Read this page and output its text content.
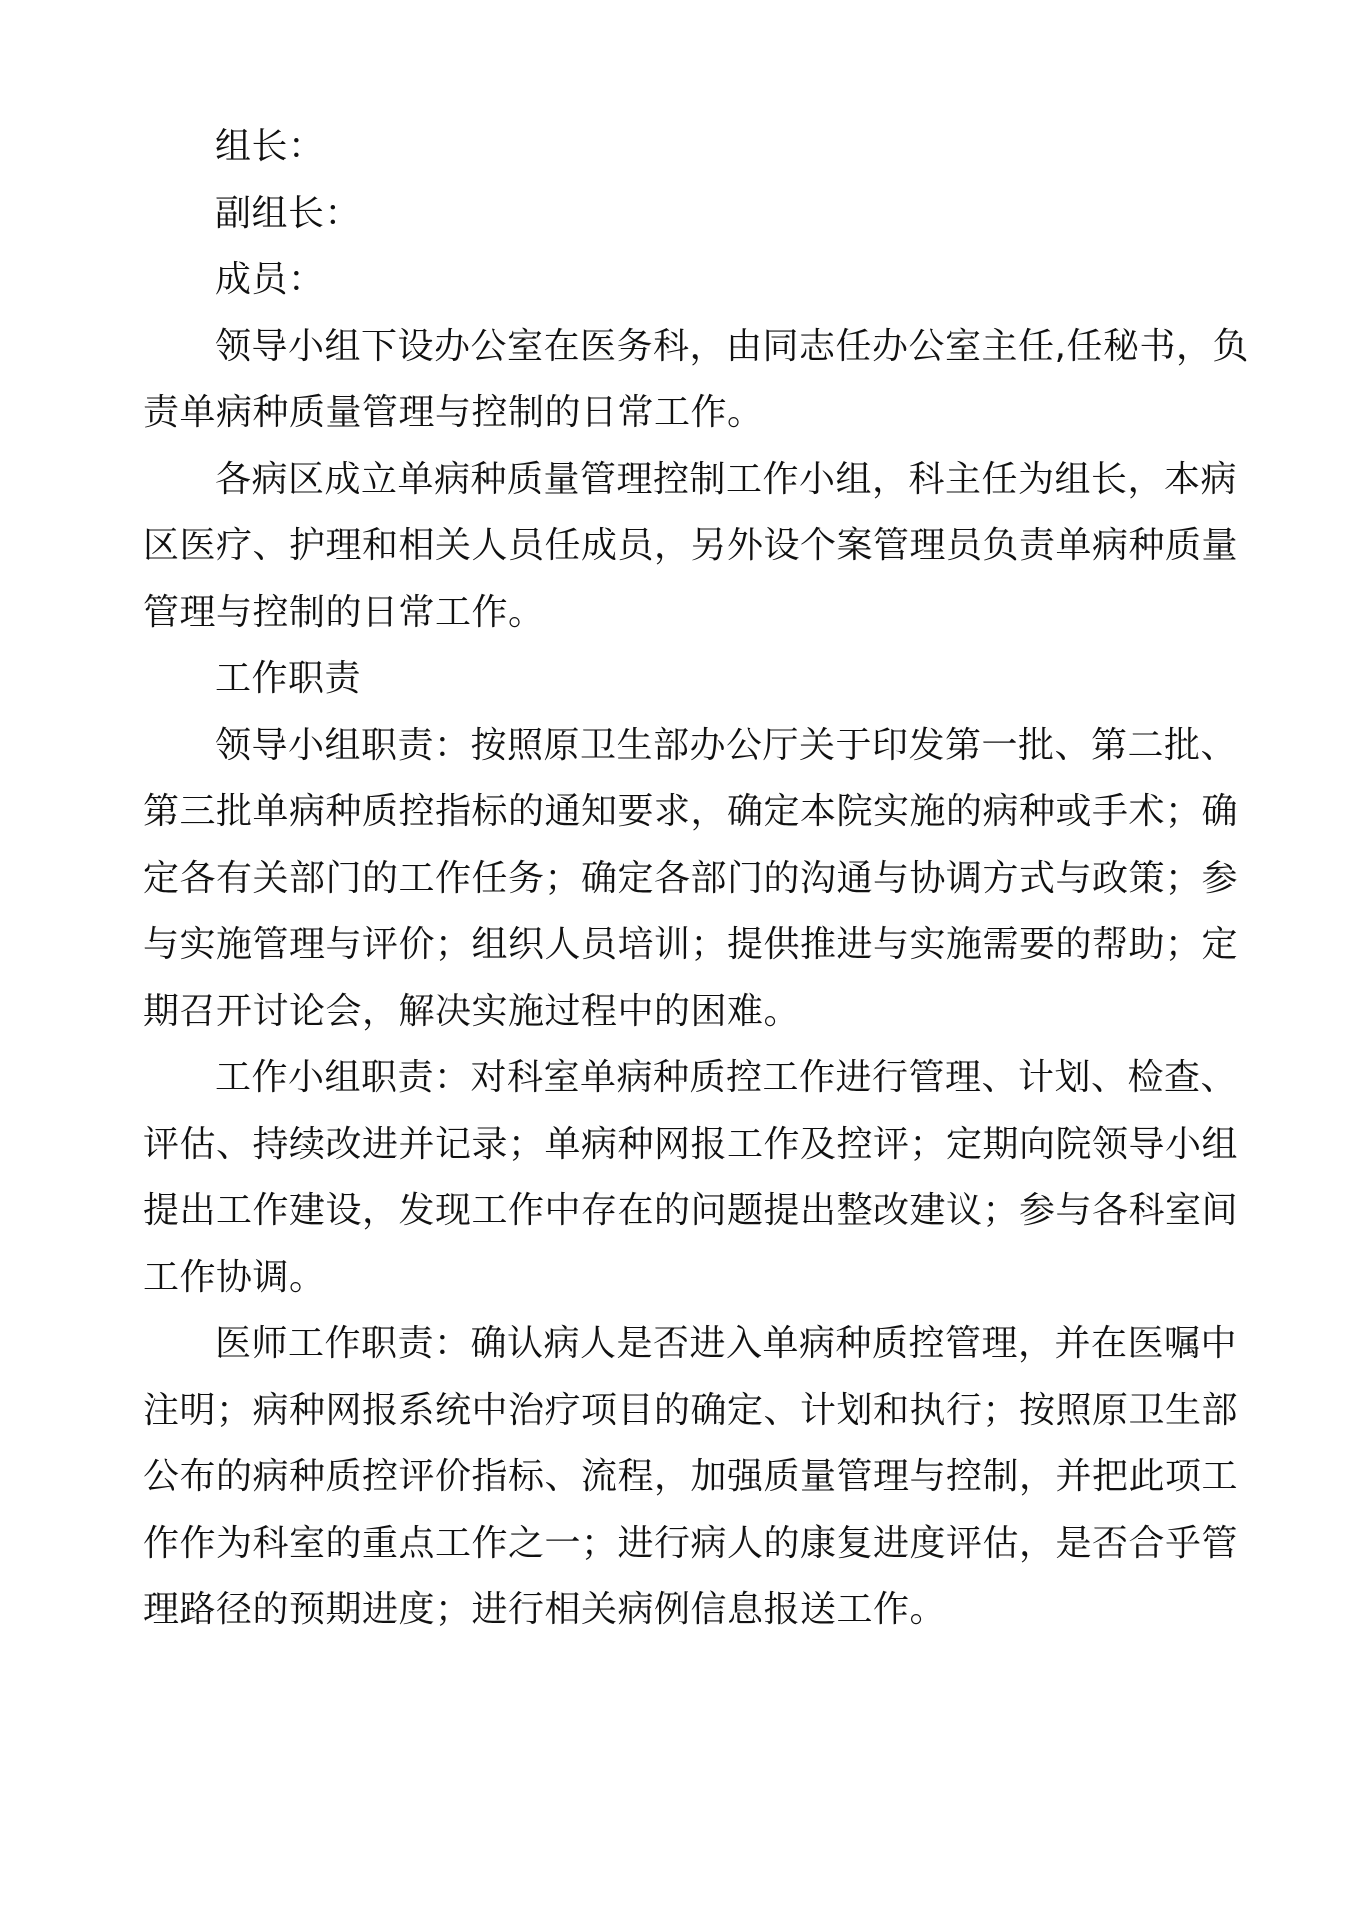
组长：
副组长：
成员：
领导小组下设办公室在医务科，由同志任办公室主任,任秘书，负
责单病种质量管理与控制的日常工作。
各病区成立单病种质量管理控制工作小组，科主任为组长，本病
区医疗、护理和相关人员任成员，另外设个案管理员负责单病种质量
管理与控制的日常工作。
工作职责
领导小组职责：按照原卫生部办公厅关于印发第一批、第二批、
第三批单病种质控指标的通知要求，确定本院实施的病种或手术；确
定各有关部门的工作任务；确定各部门的沟通与协调方式与政策；参
与实施管理与评价；组织人员培训；提供推进与实施需要的帮助；定
期召开讨论会，解决实施过程中的困难。
工作小组职责：对科室单病种质控工作进行管理、计划、检查、
评估、持续改进并记录；单病种网报工作及控评；定期向院领导小组
提出工作建设，发现工作中存在的问题提出整改建议；参与各科室间
工作协调。
医师工作职责：确认病人是否进入单病种质控管理，并在医嘱中
注明；病种网报系统中治疗项目的确定、计划和执行；按照原卫生部
公布的病种质控评价指标、流程，加强质量管理与控制，并把此项工
作作为科室的重点工作之一；进行病人的康复进度评估，是否合乎管
理路径的预期进度；进行相关病例信息报送工作。
